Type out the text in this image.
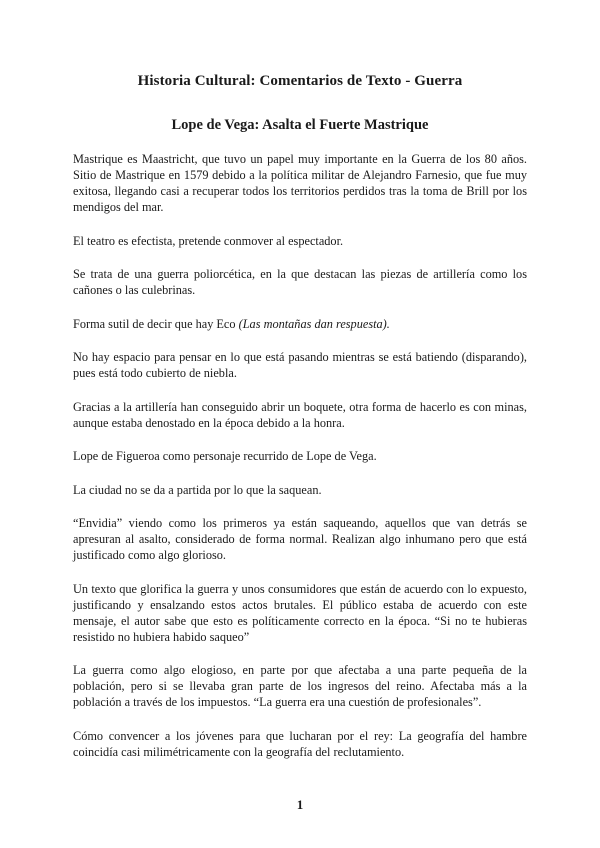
Historia Cultural: Comentarios de Texto - Guerra
Lope de Vega: Asalta el Fuerte Mastrique

Mastrique es Maastricht, que tuvo un papel muy importante en la Guerra de los 80 años. Sitio de Mastrique en 1579 debido a la política militar de Alejandro Farnesio, que fue muy exitosa, llegando casi a recuperar todos los territorios perdidos tras la toma de Brill por los mendigos del mar.

El teatro es efectista, pretende conmover al espectador.

Se trata de una guerra poliorcética, en la que destacan las piezas de artillería como los cañones o las culebrinas.

Forma sutil de decir que hay Eco (Las montañas dan respuesta).

No hay espacio para pensar en lo que está pasando mientras se está batiendo (disparando), pues está todo cubierto de niebla.

Gracias a la artillería han conseguido abrir un boquete, otra forma de hacerlo es con minas, aunque estaba denostado en la época debido a la honra.

Lope de Figueroa como personaje recurrido de Lope de Vega.

La ciudad no se da a partida por lo que la saquean.

“Envidia” viendo como los primeros ya están saqueando, aquellos que van detrás se apresuran al asalto, considerado de forma normal. Realizan algo inhumano pero que está justificado como algo glorioso.

Un texto que glorifica la guerra y unos consumidores que están de acuerdo con lo expuesto, justificando y ensalzando estos actos brutales. El público estaba de acuerdo con este mensaje, el autor sabe que esto es políticamente correcto en la época. “Si no te hubieras resistido no hubiera habido saqueo”

La guerra como algo elogioso, en parte por que afectaba a una parte pequeña de la población, pero si se llevaba gran parte de los ingresos del reino. Afectaba más a la población a través de los impuestos. “La guerra era una cuestión de profesionales”.

Cómo convencer a los jóvenes para que lucharan por el rey: La geografía del hambre coincidía casi milimétricamente con la geografía del reclutamiento.

1
